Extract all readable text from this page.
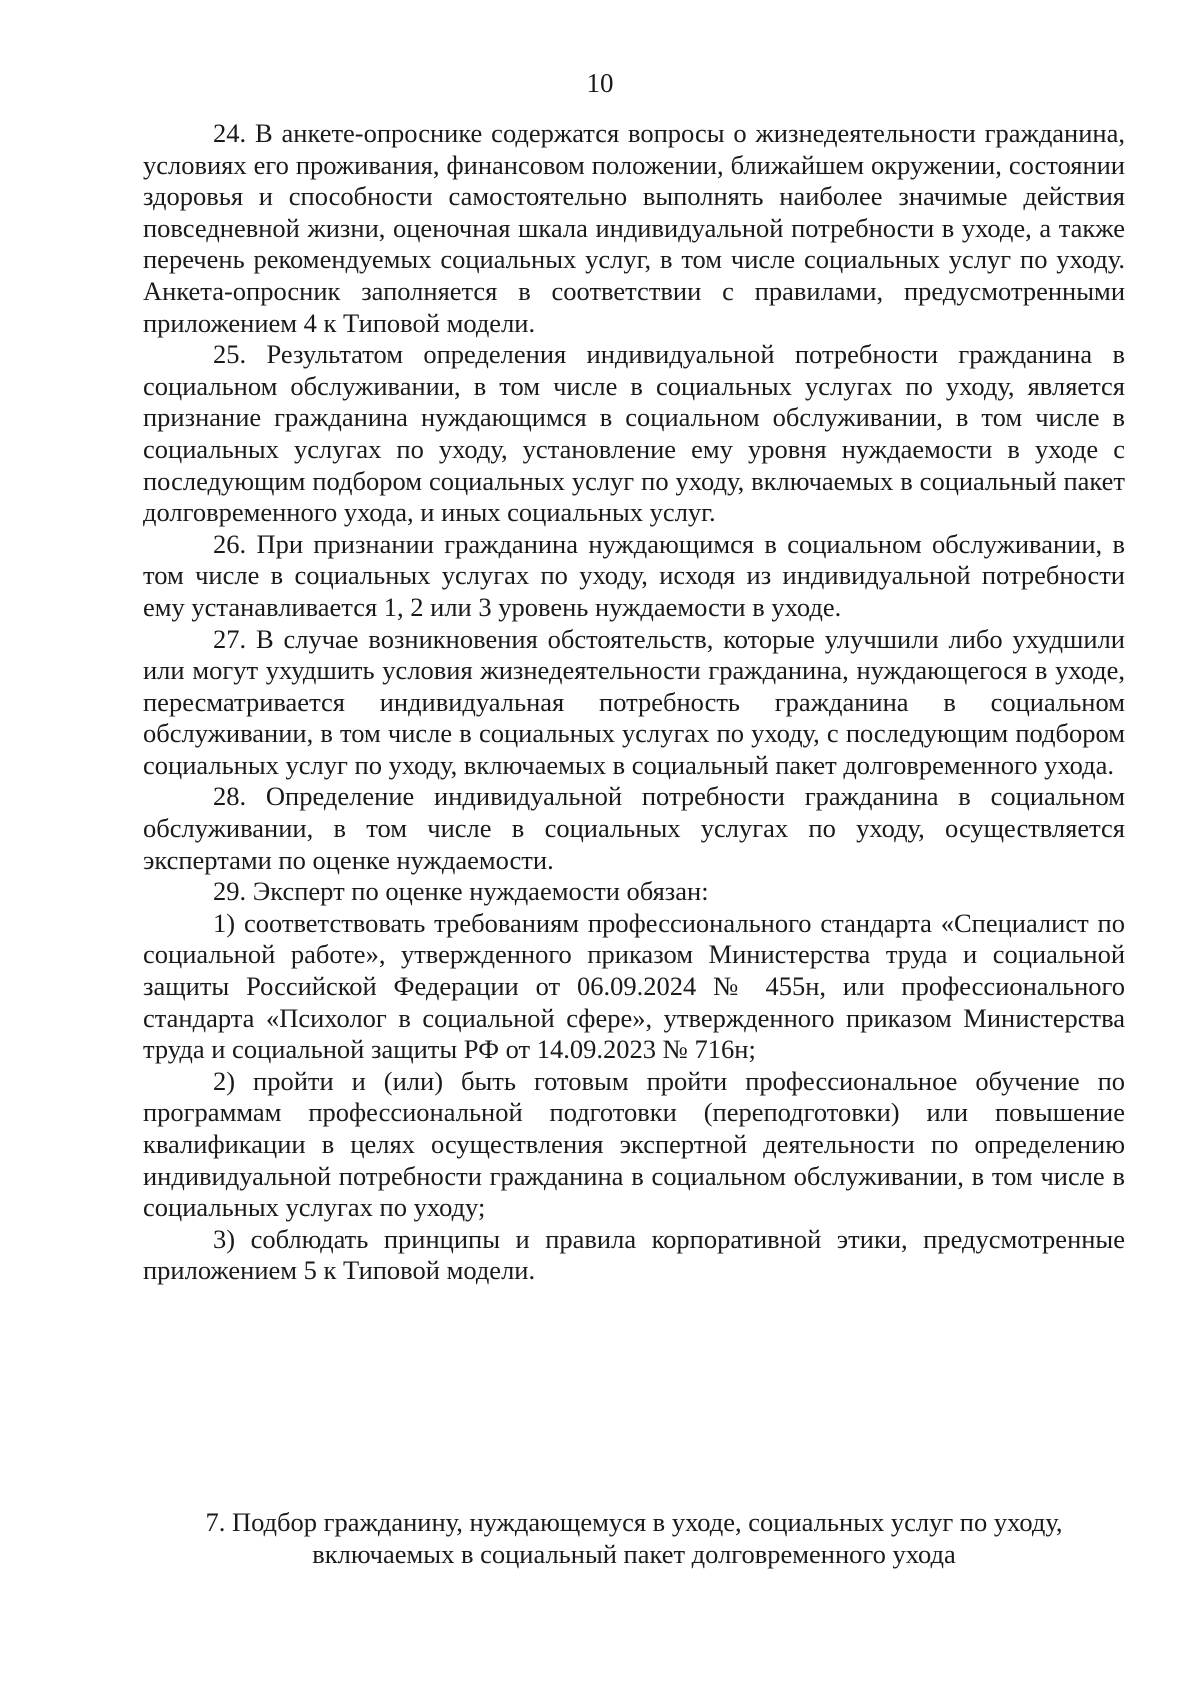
10

24. В анкете-опроснике содержатся вопросы о жизнедеятельности гражданина, условиях его проживания, финансовом положении, ближайшем окружении, состоянии здоровья и способности самостоятельно выполнять наиболее значимые действия повседневной жизни, оценочная шкала индивидуальной потребности в уходе, а также перечень рекомендуемых социальных услуг, в том числе социальных услуг по уходу. Анкета-опросник заполняется в соответствии с правилами, предусмотренными приложением 4 к Типовой модели.

25. Результатом определения индивидуальной потребности гражданина в социальном обслуживании, в том числе в социальных услугах по уходу, является признание гражданина нуждающимся в социальном обслуживании, в том числе в социальных услугах по уходу, установление ему уровня нуждаемости в уходе с последующим подбором социальных услуг по уходу, включаемых в социальный пакет долговременного ухода, и иных социальных услуг.

26. При признании гражданина нуждающимся в социальном обслуживании, в том числе в социальных услугах по уходу, исходя из индивидуальной потребности ему устанавливается 1, 2 или 3 уровень нуждаемости в уходе.

27. В случае возникновения обстоятельств, которые улучшили либо ухудшили или могут ухудшить условия жизнедеятельности гражданина, нуждающегося в уходе, пересматривается индивидуальная потребность гражданина в социальном обслуживании, в том числе в социальных услугах по уходу, с последующим подбором социальных услуг по уходу, включаемых в социальный пакет долговременного ухода.

28. Определение индивидуальной потребности гражданина в социальном обслуживании, в том числе в социальных услугах по уходу, осуществляется экспертами по оценке нуждаемости.

29. Эксперт по оценке нуждаемости обязан:

1) соответствовать требованиям профессионального стандарта «Специалист по социальной работе», утвержденного приказом Министерства труда и социальной защиты Российской Федерации от 06.09.2024 № 455н, или профессионального стандарта «Психолог в социальной сфере», утвержденного приказом Министерства труда и социальной защиты РФ от 14.09.2023 № 716н;

2) пройти и (или) быть готовым пройти профессиональное обучение по программам профессиональной подготовки (переподготовки) или повышение квалификации в целях осуществления экспертной деятельности по определению индивидуальной потребности гражданина в социальном обслуживании, в том числе в социальных услугах по уходу;

3) соблюдать принципы и правила корпоративной этики, предусмотренные приложением 5 к Типовой модели.

7. Подбор гражданину, нуждающемуся в уходе, социальных услуг по уходу,
включаемых в социальный пакет долговременного ухода
